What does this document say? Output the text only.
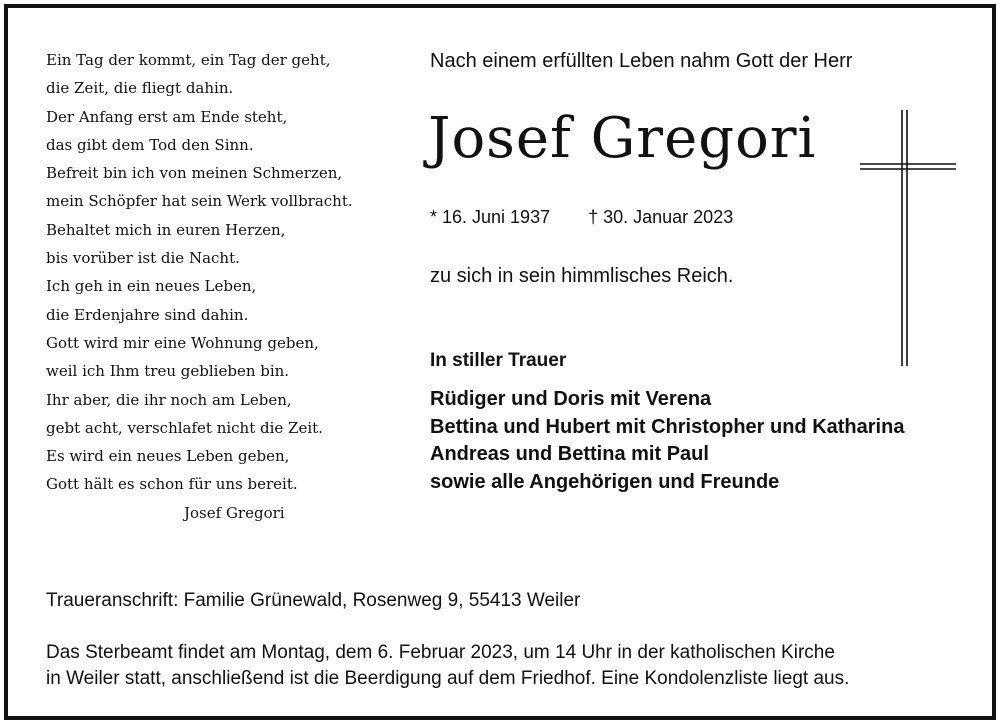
Ein Tag der kommt, ein Tag der geht,
die Zeit, die fliegt dahin.
Der Anfang erst am Ende steht,
das gibt dem Tod den Sinn.
Befreit bin ich von meinen Schmerzen,
mein Schöpfer hat sein Werk vollbracht.
Behaltet mich in euren Herzen,
bis vorüber ist die Nacht.
Ich geh in ein neues Leben,
die Erdenjahre sind dahin.
Gott wird mir eine Wohnung geben,
weil ich Ihm treu geblieben bin.
Ihr aber, die ihr noch am Leben,
gebt acht, verschlafet nicht die Zeit.
Es wird ein neues Leben geben,
Gott hält es schon für uns bereit.
Josef Gregori
Nach einem erfüllten Leben nahm Gott der Herr
Josef Gregori
* 16. Juni 1937 † 30. Januar 2023
zu sich in sein himmlisches Reich.
In stiller Trauer
Rüdiger und Doris mit Verena
Bettina und Hubert mit Christopher und Katharina
Andreas und Bettina mit Paul
sowie alle Angehörigen und Freunde
Traueranschrift: Familie Grünewald, Rosenweg 9, 55413 Weiler
Das Sterbeamt findet am Montag, dem 6. Februar 2023, um 14 Uhr in der katholischen Kirche
in Weiler statt, anschließend ist die Beerdigung auf dem Friedhof. Eine Kondolenzliste liegt aus.
